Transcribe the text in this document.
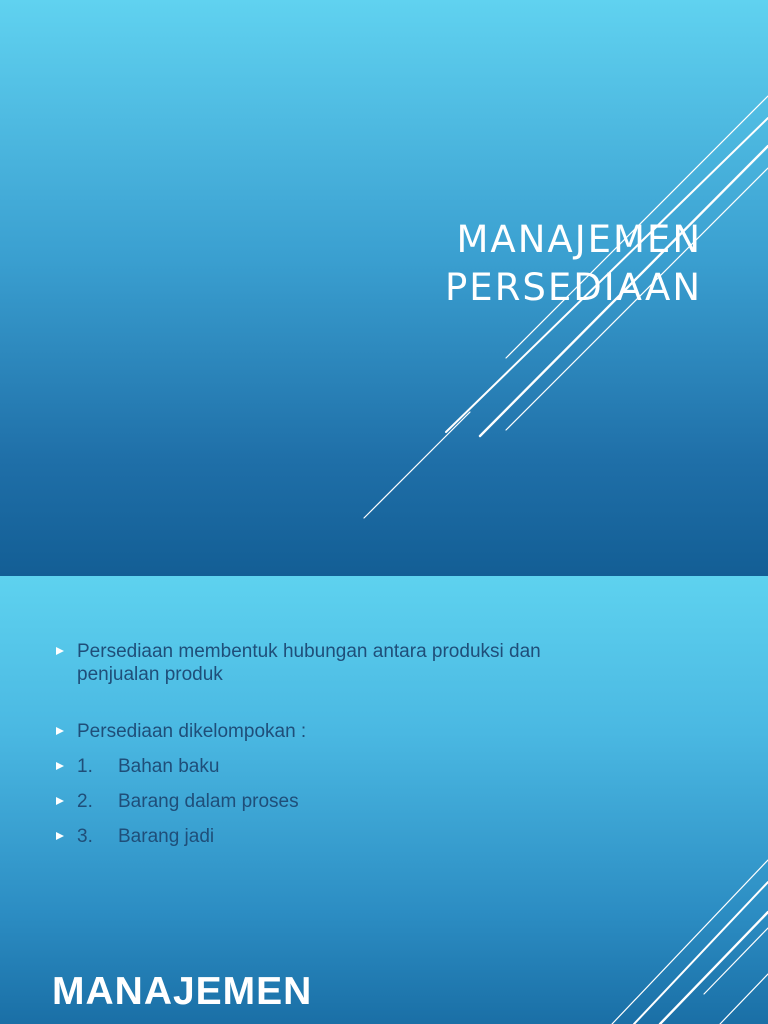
MANAJEMEN
PERSEDIAAN
Persediaan membentuk hubungan antara produksi dan penjualan produk
Persediaan dikelompokan :
1. Bahan baku
2. Barang dalam proses
3. Barang jadi
MANAJEMEN
